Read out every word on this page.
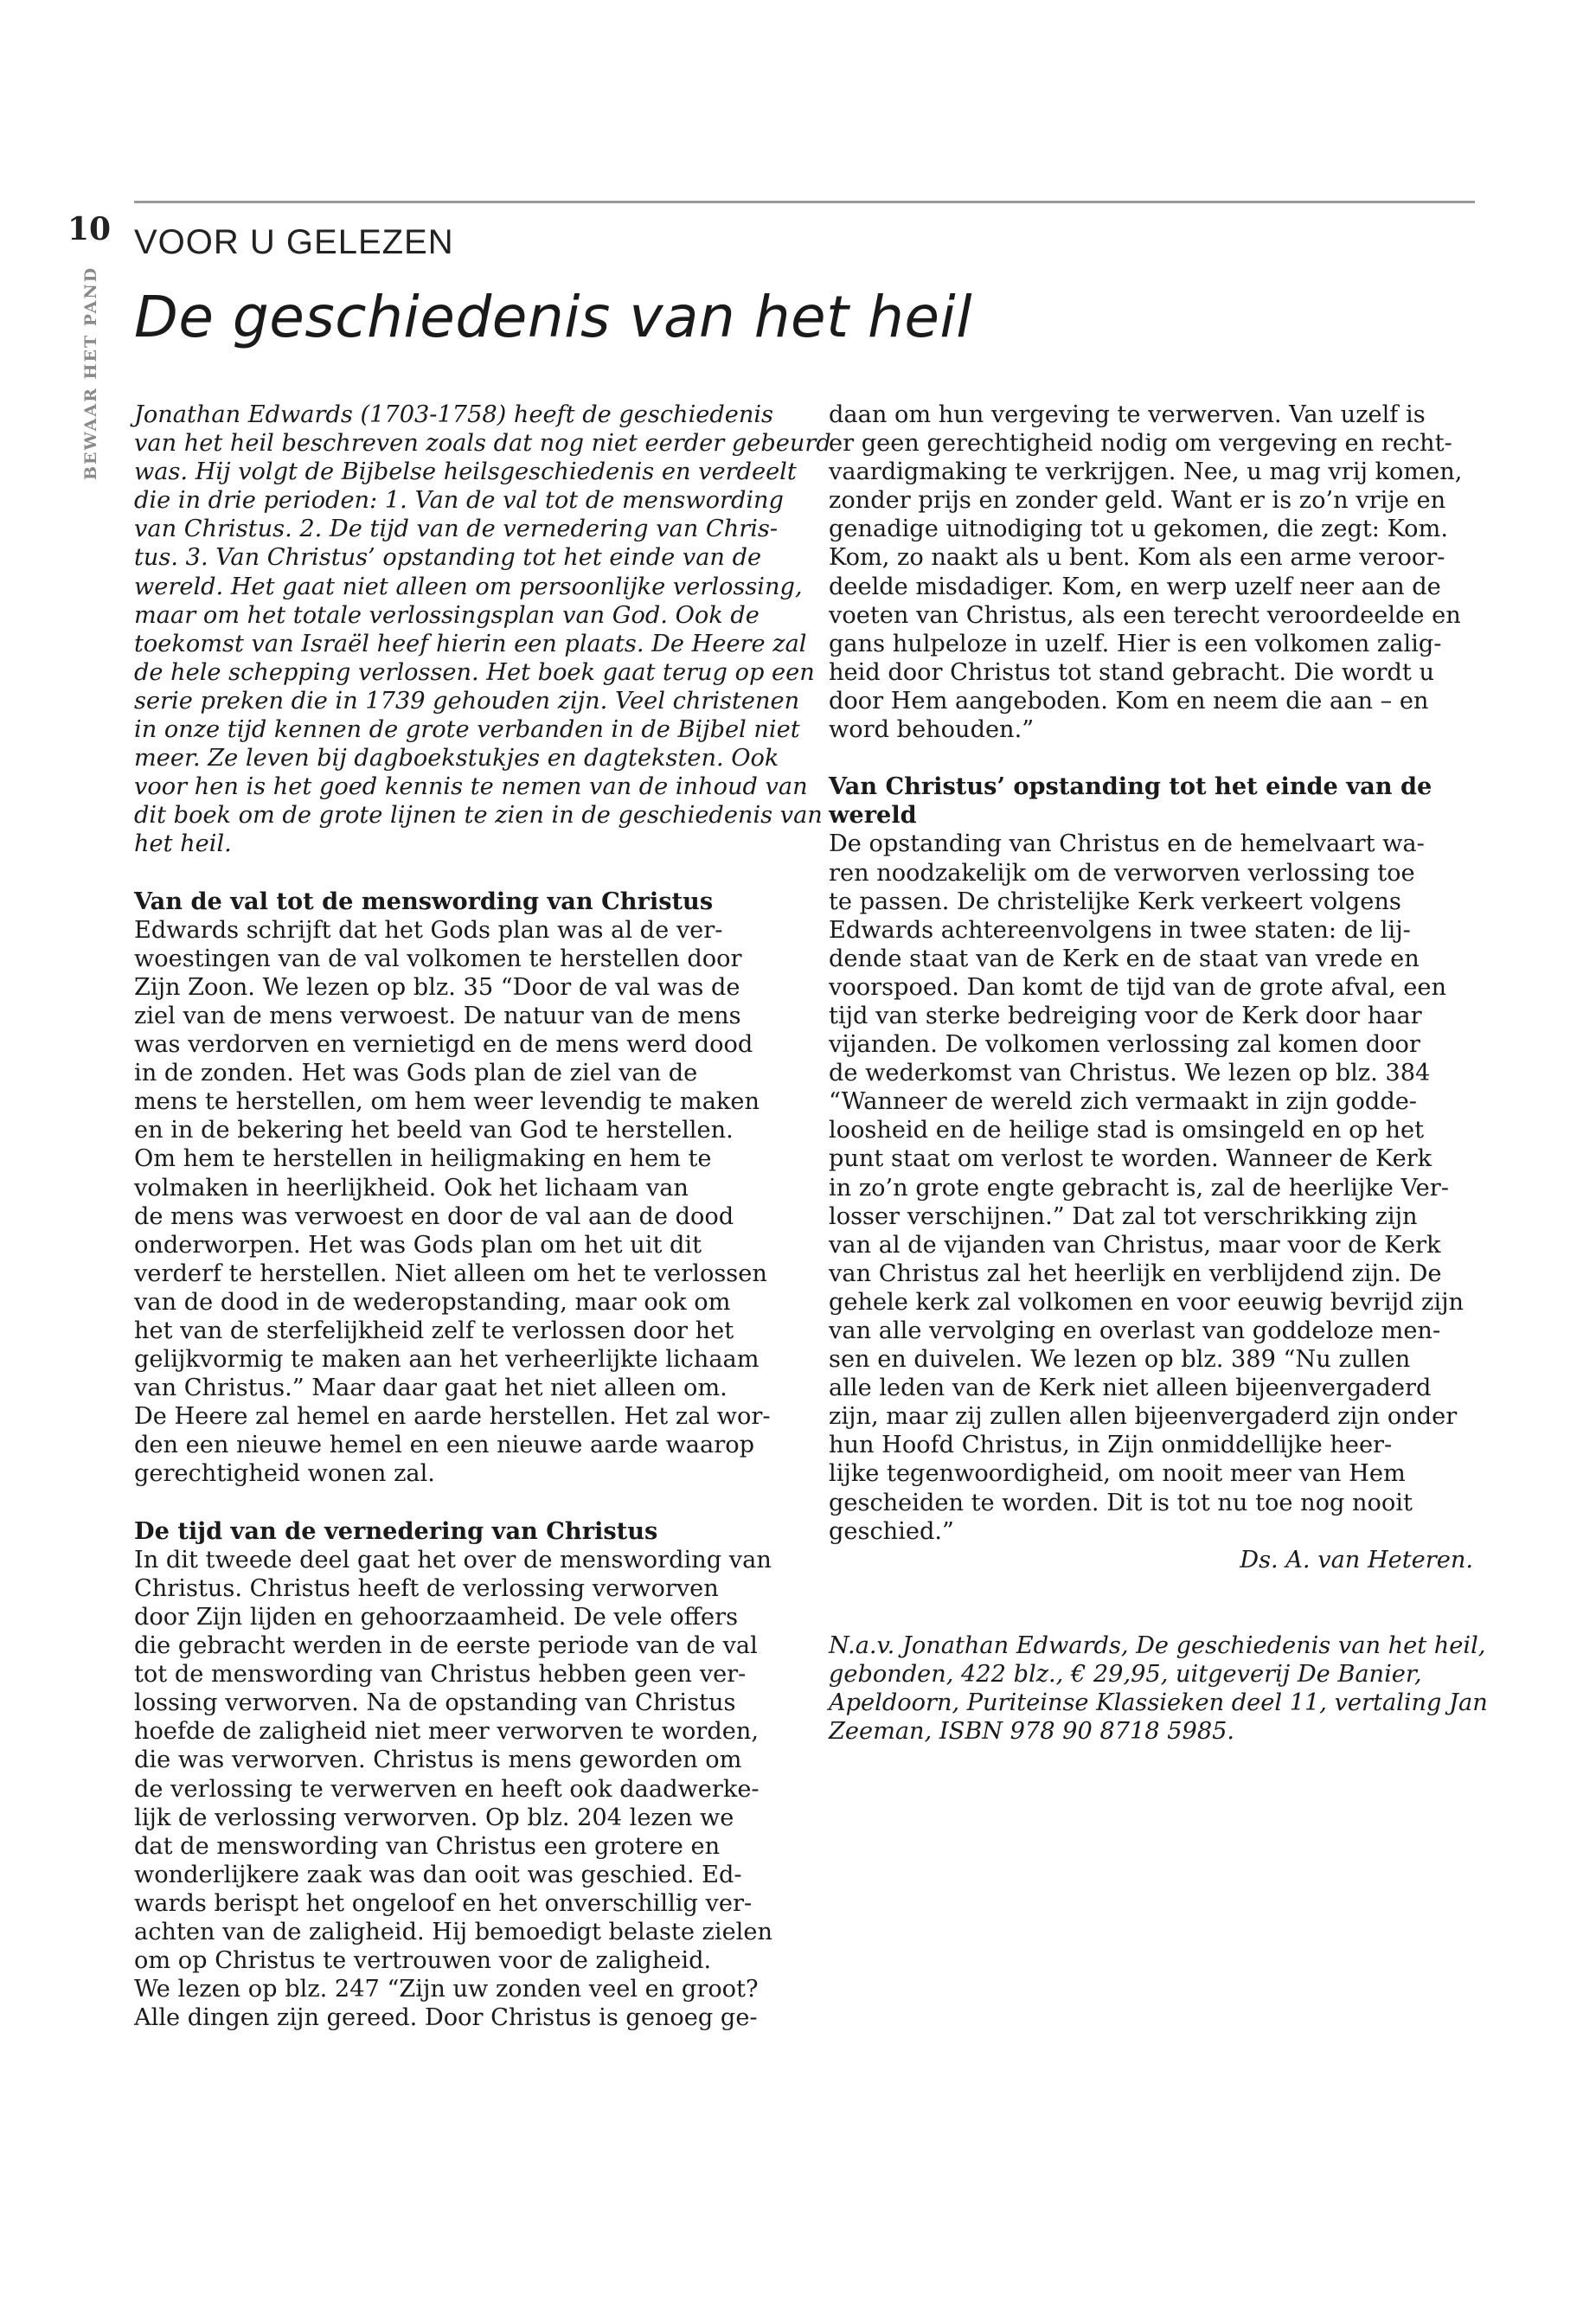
10
BEWAAR HET PAND
VOOR U GELEZEN
De geschiedenis van het heil
Jonathan Edwards (1703-1758) heeft de geschiedenis
van het heil beschreven zoals dat nog niet eerder gebeurd
was. Hij volgt de Bijbelse heilsgeschiedenis en verdeelt
die in drie perioden: 1. Van de val tot de menswording
van Christus. 2. De tijd van de vernedering van Chris-
tus. 3. Van Christus’ opstanding tot het einde van de
wereld. Het gaat niet alleen om persoonlijke verlossing,
maar om het totale verlossingsplan van God. Ook de
toekomst van Israël heef hierin een plaats. De Heere zal
de hele schepping verlossen. Het boek gaat terug op een
serie preken die in 1739 gehouden zijn. Veel christenen
in onze tijd kennen de grote verbanden in de Bijbel niet
meer. Ze leven bij dagboekstukjes en dagteksten. Ook
voor hen is het goed kennis te nemen van de inhoud van
dit boek om de grote lijnen te zien in de geschiedenis van
het heil.
Van de val tot de menswording van Christus
Edwards schrijft dat het Gods plan was al de ver-
woestingen van de val volkomen te herstellen door
Zijn Zoon. We lezen op blz. 35 “Door de val was de
ziel van de mens verwoest. De natuur van de mens
was verdorven en vernietigd en de mens werd dood
in de zonden. Het was Gods plan de ziel van de
mens te herstellen, om hem weer levendig te maken
en in de bekering het beeld van God te herstellen.
Om hem te herstellen in heiligmaking en hem te
volmaken in heerlijkheid. Ook het lichaam van
de mens was verwoest en door de val aan de dood
onderworpen. Het was Gods plan om het uit dit
verderf te herstellen. Niet alleen om het te verlossen
van de dood in de wederopstanding, maar ook om
het van de sterfelijkheid zelf te verlossen door het
gelijkvormig te maken aan het verheerlijkte lichaam
van Christus.” Maar daar gaat het niet alleen om.
De Heere zal hemel en aarde herstellen. Het zal wor-
den een nieuwe hemel en een nieuwe aarde waarop
gerechtigheid wonen zal.
De tijd van de vernedering van Christus
In dit tweede deel gaat het over de menswording van
Christus. Christus heeft de verlossing verworven
door Zijn lijden en gehoorzaamheid. De vele offers
die gebracht werden in de eerste periode van de val
tot de menswording van Christus hebben geen ver-
lossing verworven. Na de opstanding van Christus
hoefde de zaligheid niet meer verworven te worden,
die was verworven. Christus is mens geworden om
de verlossing te verwerven en heeft ook daadwerke-
lijk de verlossing verworven. Op blz. 204 lezen we
dat de menswording van Christus een grotere en
wonderlijkere zaak was dan ooit was geschied. Ed-
wards berispt het ongeloof en het onverschillig ver-
achten van de zaligheid. Hij bemoedigt belaste zielen
om op Christus te vertrouwen voor de zaligheid.
We lezen op blz. 247 “Zijn uw zonden veel en groot?
Alle dingen zijn gereed. Door Christus is genoeg ge-
daan om hun vergeving te verwerven. Van uzelf is
er geen gerechtigheid nodig om vergeving en recht-
vaardigmaking te verkrijgen. Nee, u mag vrij komen,
zonder prijs en zonder geld. Want er is zo’n vrije en
genadige uitnodiging tot u gekomen, die zegt: Kom.
Kom, zo naakt als u bent. Kom als een arme veroor-
deelde misdadiger. Kom, en werp uzelf neer aan de
voeten van Christus, als een terecht veroordeelde en
gans hulpeloze in uzelf. Hier is een volkomen zalig-
heid door Christus tot stand gebracht. Die wordt u
door Hem aangeboden. Kom en neem die aan – en
word behouden.”
Van Christus’ opstanding tot het einde van de
wereld
De opstanding van Christus en de hemelvaart wa-
ren noodzakelijk om de verworven verlossing toe
te passen. De christelijke Kerk verkeert volgens
Edwards achtereenvolgens in twee staten: de lij-
dende staat van de Kerk en de staat van vrede en
voorspoed. Dan komt de tijd van de grote afval, een
tijd van sterke bedreiging voor de Kerk door haar
vijanden. De volkomen verlossing zal komen door
de wederkomst van Christus. We lezen op blz. 384
“Wanneer de wereld zich vermaakt in zijn godde-
loosheid en de heilige stad is omsingeld en op het
punt staat om verlost te worden. Wanneer de Kerk
in zo’n grote engte gebracht is, zal de heerlijke Ver-
losser verschijnen.” Dat zal tot verschrikking zijn
van al de vijanden van Christus, maar voor de Kerk
van Christus zal het heerlijk en verblijdend zijn. De
gehele kerk zal volkomen en voor eeuwig bevrijd zijn
van alle vervolging en overlast van goddeloze men-
sen en duivelen. We lezen op blz. 389 “Nu zullen
alle leden van de Kerk niet alleen bijeenvergaderd
zijn, maar zij zullen allen bijeenvergaderd zijn onder
hun Hoofd Christus, in Zijn onmiddellijke heer-
lijke tegenwoordigheid, om nooit meer van Hem
gescheiden te worden. Dit is tot nu toe nog nooit
geschied.”
Ds. A. van Heteren.
N.a.v. Jonathan Edwards, De geschiedenis van het heil,
gebonden, 422 blz., € 29,95, uitgeverij De Banier,
Apeldoorn, Puriteinse Klassieken deel 11, vertaling Jan
Zeeman, ISBN 978 90 8718 5985.
